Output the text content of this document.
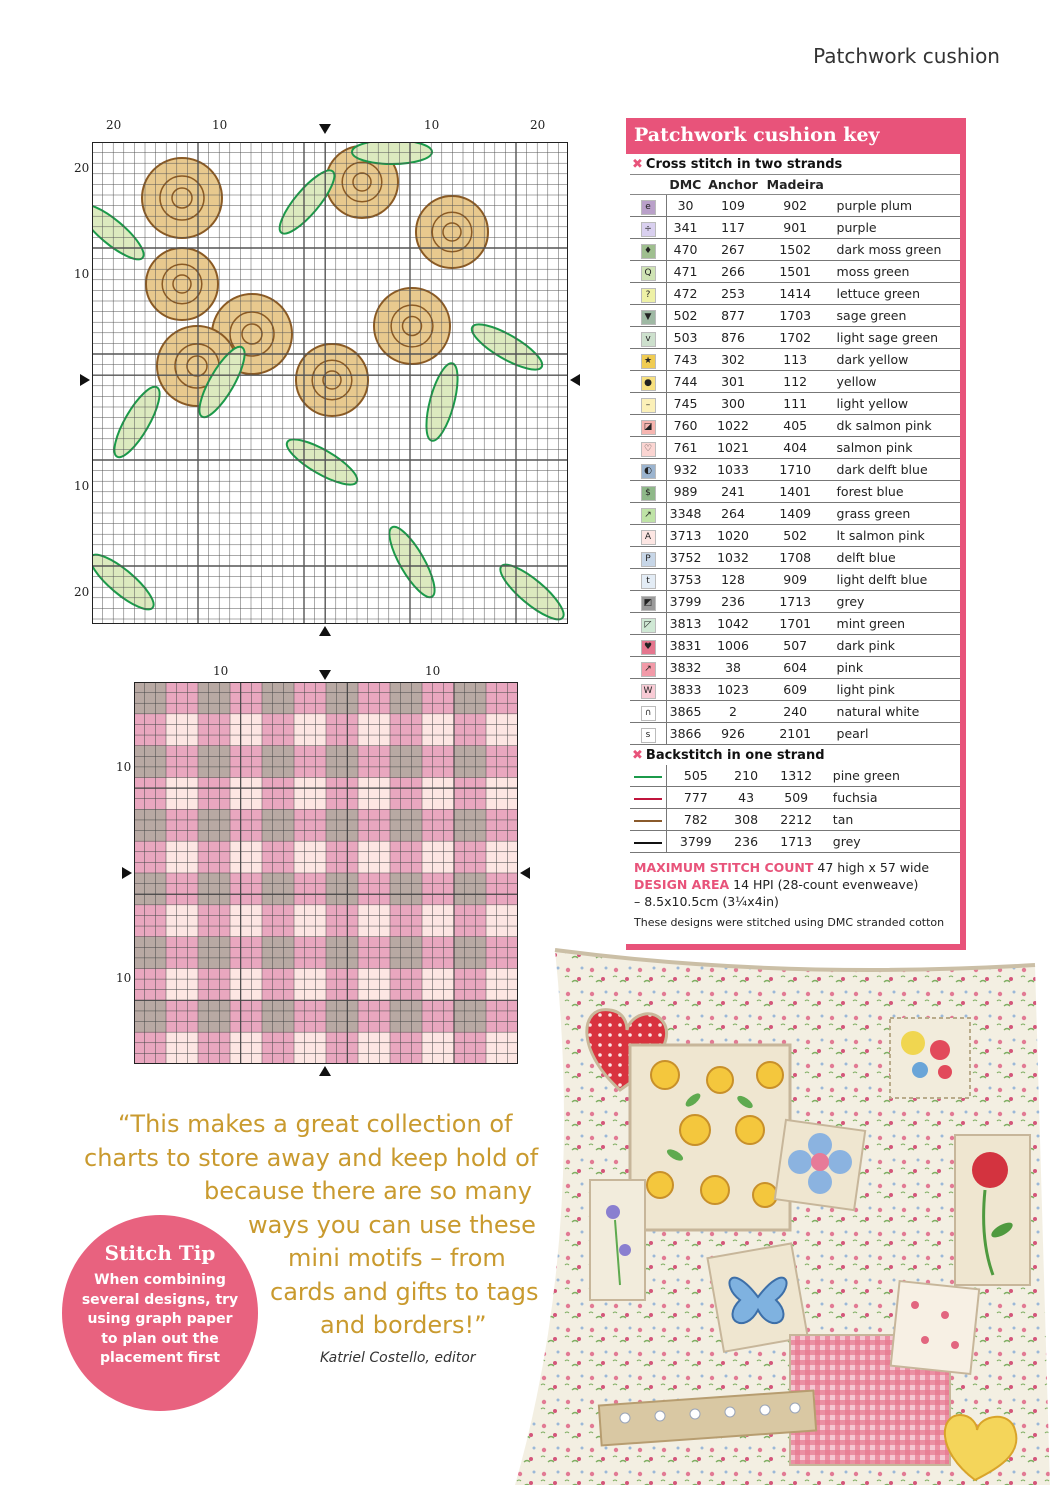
Patchwork cushion
20	10	10	20
20
10
10
20
10	10
10
10
Patchwork cushion key
✖ Cross stitch in two strands
	DMC	Anchor	Madeira	
e	30	109	902	purple plum
÷	341	117	901	purple
♦	470	267	1502	dark moss green
Q	471	266	1501	moss green
?	472	253	1414	lettuce green
▼	502	877	1703	sage green
v	503	876	1702	light sage green
★	743	302	113	dark yellow
●	744	301	112	yellow
–	745	300	111	light yellow
◪	760	1022	405	dk salmon pink
♡	761	1021	404	salmon pink
◐	932	1033	1710	dark delft blue
$	989	241	1401	forest blue
↗	3348	264	1409	grass green
A	3713	1020	502	lt salmon pink
P	3752	1032	1708	delft blue
t	3753	128	909	light delft blue
◩	3799	236	1713	grey
◸	3813	1042	1701	mint green
♥	3831	1006	507	dark pink
↗	3832	38	604	pink
W	3833	1023	609	light pink
∩	3865	2	240	natural white
s	3866	926	2101	pearl
✖ Backstitch in one strand
	505	210	1312	pine green
	777	43	509	fuchsia
	782	308	2212	tan
	3799	236	1713	grey
MAXIMUM STITCH COUNT 47 high x 57 wide
DESIGN AREA 14 HPI (28-count evenweave)
– 8.5x10.5cm (3¼x4in)
These designs were stitched using DMC stranded cotton
“This makes a great collection of
charts to store away and keep hold of
because there are so many
ways you can use these
mini motifs – from
cards and gifts to tags
and borders!”
Katriel Costello, editor
Stitch Tip
When combining
several designs, try
using graph paper
to plan out the
placement first
